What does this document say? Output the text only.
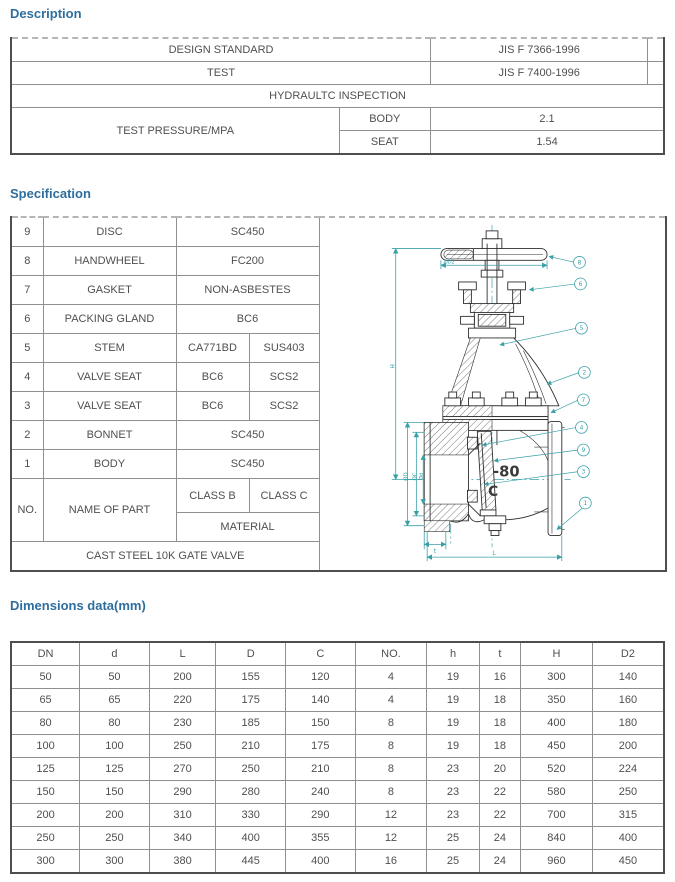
Description
DESIGN STANDARD		JIS F 7366-1996	
TEST		JIS F 7400-1996	
HYDRAULTC INSPECTION			
TEST PRESSURE/MPA	BODY	2.1	
	SEAT	1.54	
Specification
9	DISC	SC450	
-80
C
ØD2
H
ØD ØC Ød
t	L
8
6
5
2
7
4
9
3
1

8	HANDWHEEL	FC200		
7	GASKET	NON-ASBESTES		
6	PACKING GLAND	BC6		
5	STEM	CA771BD	SUS403	
4	VALVE SEAT	BC6	SCS2	
3	VALVE SEAT	BC6	SCS2	
2	BONNET	SC450		
1	BODY	SC450		
NO.	NAME OF PART	CLASS B	CLASS C	
		MATERIAL		
CAST STEEL 10K GATE VALVE				
Dimensions data(mm)
DN	d	L	D	C	NO.	h	t	H	D2
50	50	200	155	120	4	19	16	300	140
65	65	220	175	140	4	19	18	350	160
80	80	230	185	150	8	19	18	400	180
100	100	250	210	175	8	19	18	450	200
125	125	270	250	210	8	23	20	520	224
150	150	290	280	240	8	23	22	580	250
200	200	310	330	290	12	23	22	700	315
250	250	340	400	355	12	25	24	840	400
300	300	380	445	400	16	25	24	960	450
